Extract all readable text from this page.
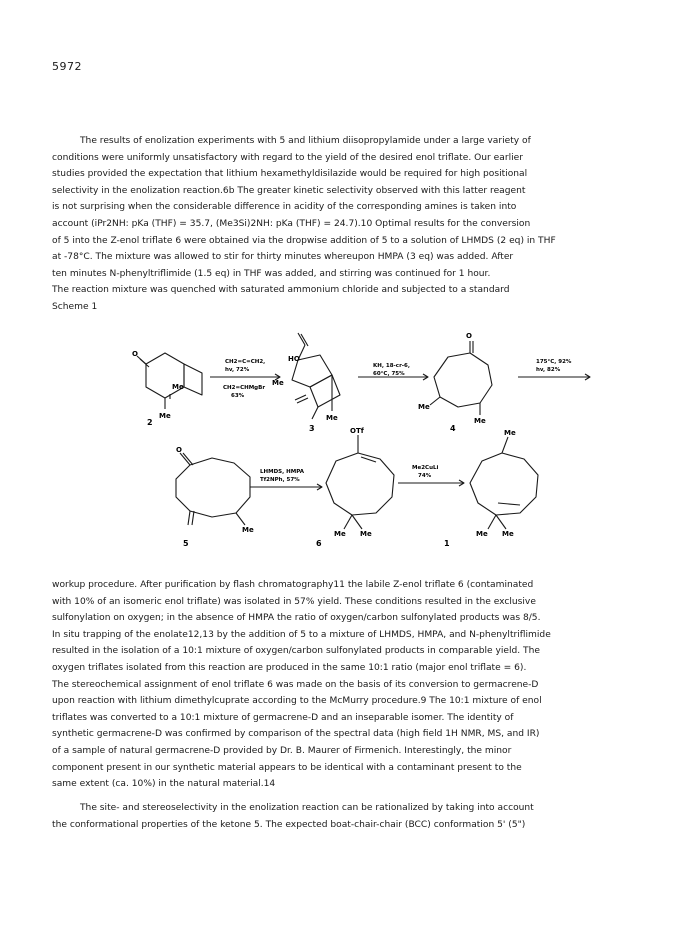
5972
The results of enolization experiments with 5 and lithium diisopropylamide under a large variety of
conditions were uniformly unsatisfactory with regard to the yield of the desired enol triflate. Our earlier
studies provided the expectation that lithium hexamethyldisilazide would be required for high positional
selectivity in the enolization reaction.6b The greater kinetic selectivity observed with this latter reagent
is not surprising when the considerable difference in acidity of the corresponding amines is taken into
account (iPr2NH: pKa (THF) = 35.7, (Me3Si)2NH: pKa (THF) = 24.7).10 Optimal results for the conversion
of 5 into the Z-enol triflate 6 were obtained via the dropwise addition of 5 to a solution of LHMDS (2 eq) in THF
at -78°C. The mixture was allowed to stir for thirty minutes whereupon HMPA (3 eq) was added. After
ten minutes N-phenyltriflimide (1.5 eq) in THF was added, and stirring was continued for 1 hour.
The reaction mixture was quenched with saturated ammonium chloride and subjected to a standard
Scheme 1
2
3	4
5	6	1
O
Me
Me
HO
Me
Me
O
Me
Me
O
Me
OTf
Me Me
Me
Me Me
CH2=C=CH2,
hv, 72%
CH2=CHMgBr
63%
KH, 18-cr-6,
60°C, 75%
175°C, 92%
hv, 82%
LHMDS, HMPA
Tf2NPh, 57%
Me2CuLi
74%
workup procedure. After purification by flash chromatography11 the labile Z-enol triflate 6 (contaminated
with 10% of an isomeric enol triflate) was isolated in 57% yield. These conditions resulted in the exclusive
sulfonylation on oxygen; in the absence of HMPA the ratio of oxygen/carbon sulfonylated products was 8/5.
In situ trapping of the enolate12,13 by the addition of 5 to a mixture of LHMDS, HMPA, and N-phenyltriflimide
resulted in the isolation of a 10:1 mixture of oxygen/carbon sulfonylated products in comparable yield. The
oxygen triflates isolated from this reaction are produced in the same 10:1 ratio (major enol triflate = 6).
The stereochemical assignment of enol triflate 6 was made on the basis of its conversion to germacrene-D
upon reaction with lithium dimethylcuprate according to the McMurry procedure.9 The 10:1 mixture of enol
triflates was converted to a 10:1 mixture of germacrene-D and an inseparable isomer. The identity of
synthetic germacrene-D was confirmed by comparison of the spectral data (high field 1H NMR, MS, and IR)
of a sample of natural germacrene-D provided by Dr. B. Maurer of Firmenich. Interestingly, the minor
component present in our synthetic material appears to be identical with a contaminant present to the
same extent (ca. 10%) in the natural material.14
The site- and stereoselectivity in the enolization reaction can be rationalized by taking into account
the conformational properties of the ketone 5. The expected boat-chair-chair (BCC) conformation 5' (5")
